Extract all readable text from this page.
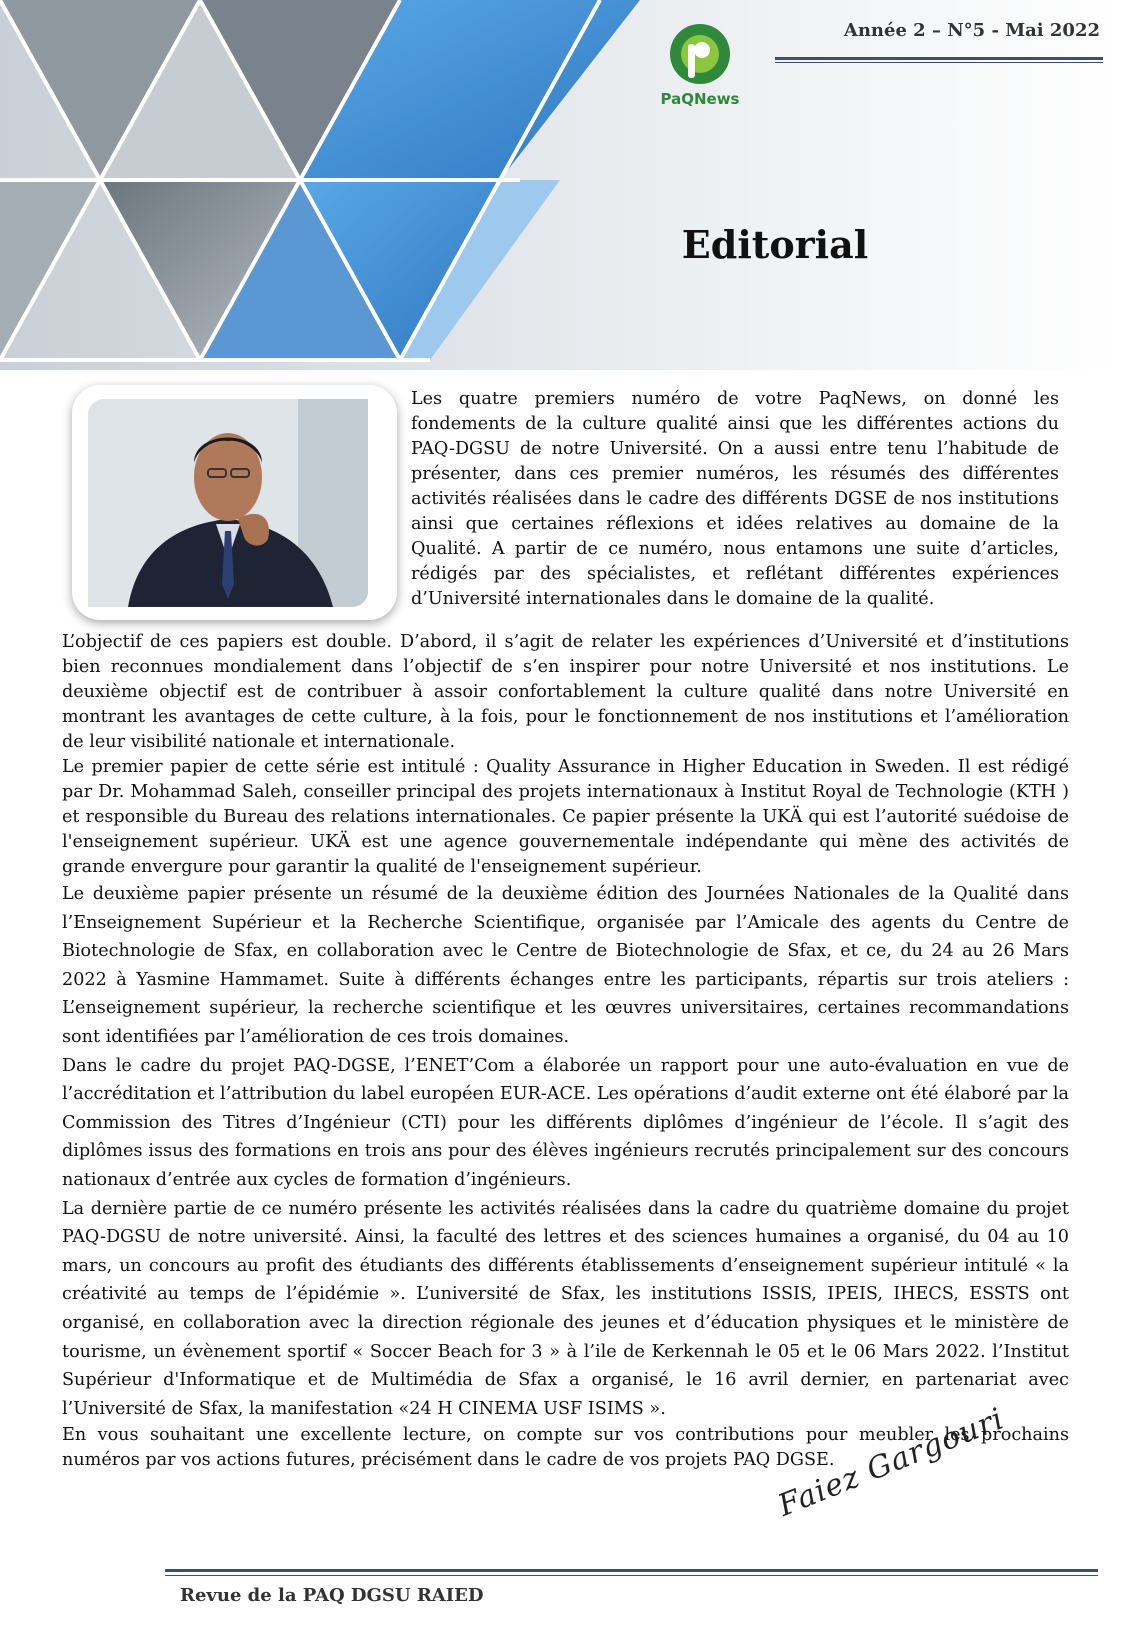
PaQNews
Année 2 – N°5 - Mai 2022
Editorial
Les quatre premiers numéro de votre PaqNews, on donné les fondements de la culture qualité ainsi que les différentes actions du PAQ-DGSU de notre Université. On a aussi entre tenu l’habitude de présenter, dans ces premier numéros, les résumés des différentes activités réalisées dans le cadre des différents DGSE de nos institutions ainsi que certaines réflexions et idées relatives au domaine de la Qualité. A partir de ce numéro, nous entamons une suite d’articles, rédigés par des spécialistes, et reflétant différentes expériences d’Université internationales dans le domaine de la qualité.

L’objectif de ces papiers est double. D’abord, il s’agit de relater les expériences d’Université et d’institutions bien reconnues mondialement dans l’objectif de s’en inspirer pour notre Université et nos institutions. Le deuxième objectif est de contribuer à assoir confortablement la culture qualité dans notre Université en montrant les avantages de cette culture, à la fois, pour le fonctionnement de nos institutions et l’amélioration de leur visibilité nationale et internationale.

Le premier papier de cette série est intitulé : Quality Assurance in Higher Education in Sweden. Il est rédigé par Dr. Mohammad Saleh, conseiller principal des projets internationaux à Institut Royal de Technologie (KTH ) et responsible du Bureau des relations internationales. Ce papier présente la UKÄ qui est l’autorité suédoise de l'enseignement supérieur. UKÄ est une agence gouvernementale indépendante qui mène des activités de grande envergure pour garantir la qualité de l'enseignement supérieur.

Le deuxième papier présente un résumé de la deuxième édition des Journées Nationales de la Qualité dans l’Enseignement Supérieur et la Recherche Scientifique, organisée par l’Amicale des agents du Centre de Biotechnologie de Sfax, en collaboration avec le Centre de Biotechnologie de Sfax, et ce, du 24 au 26 Mars 2022 à Yasmine Hammamet. Suite à différents échanges entre les participants, répartis sur trois ateliers : L’enseignement supérieur, la recherche scientifique et les œuvres universitaires, certaines recommandations sont identifiées par l’amélioration de ces trois domaines.

Dans le cadre du projet PAQ-DGSE, l’ENET’Com a élaborée un rapport pour une auto-évaluation en vue de l’accréditation et l’attribution du label européen EUR-ACE. Les opérations d’audit externe ont été élaboré par la Commission des Titres d’Ingénieur (CTI) pour les différents diplômes d’ingénieur de l’école. Il s’agit des diplômes issus des formations en trois ans pour des élèves ingénieurs recrutés principalement sur des concours nationaux d’entrée aux cycles de formation d’ingénieurs.

La dernière partie de ce numéro présente les activités réalisées dans la cadre du quatrième domaine du projet PAQ-DGSU de notre université. Ainsi, la faculté des lettres et des sciences humaines a organisé, du 04 au 10 mars, un concours au profit des étudiants des différents établissements d’enseignement supérieur intitulé « la créativité au temps de l’épidémie ». L’université de Sfax, les institutions ISSIS, IPEIS, IHECS, ESSTS ont organisé, en collaboration avec la direction régionale des jeunes et d’éducation physiques et le ministère de tourisme, un évènement sportif « Soccer Beach for 3 » à l’ile de Kerkennah le 05 et le 06 Mars 2022. l’Institut Supérieur d'Informatique et de Multimédia de Sfax a organisé, le 16 avril dernier, en partenariat avec l’Université de Sfax, la manifestation «24 H CINEMA USF ISIMS ».

En vous souhaitant une excellente lecture, on compte sur vos contributions pour meubler les prochains numéros par vos actions futures, précisément dans le cadre de vos projets PAQ DGSE.

Faiez Gargouri
Revue de la PAQ DGSU RAIED
